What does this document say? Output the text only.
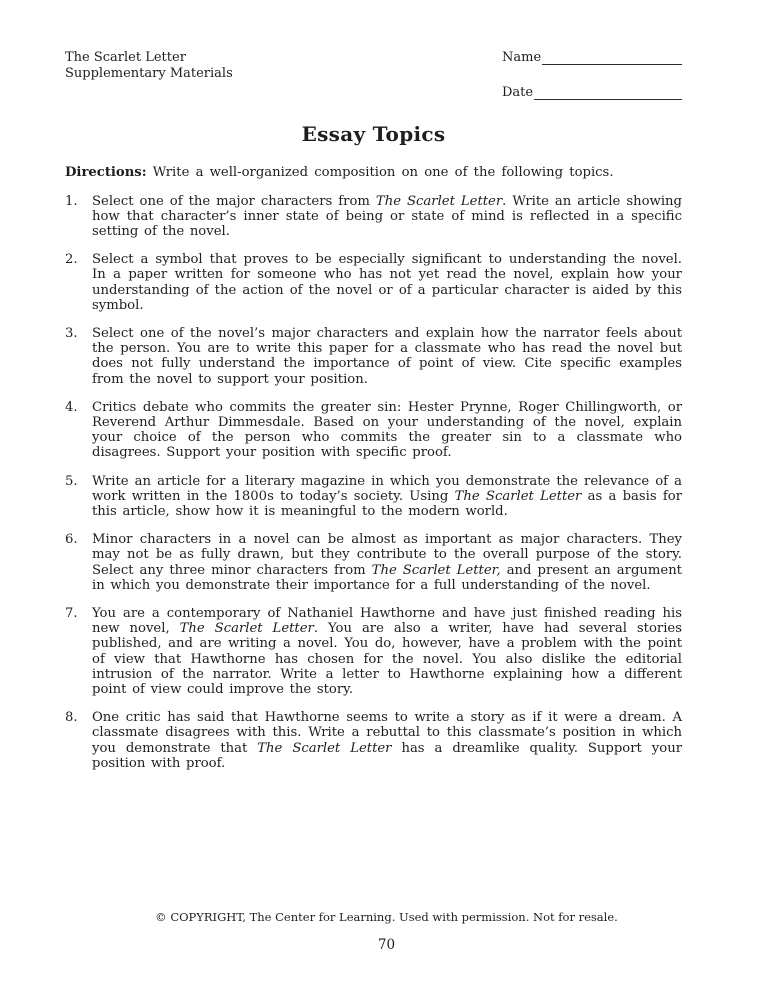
The Scarlet Letter
Supplementary Materials
Name
Date
Essay Topics
Directions: Write a well-organized composition on one of the following topics.
1.	Select one of the major characters from The Scarlet Letter. Write an article showing how that character’s inner state of being or state of mind is reflected in a specific setting of the novel.

2.	Select a symbol that proves to be especially significant to understanding the novel. In a paper written for someone who has not yet read the novel, explain how your understanding of the action of the novel or of a particular character is aided by this symbol.

3.	Select one of the novel’s major characters and explain how the narrator feels about the person. You are to write this paper for a classmate who has read the novel but does not fully understand the importance of point of view. Cite specific examples from the novel to support your position.

4.	Critics debate who commits the greater sin: Hester Prynne, Roger Chillingworth, or Reverend Arthur Dimmesdale. Based on your understanding of the novel, explain your choice of the person who commits the greater sin to a classmate who disagrees. Support your position with specific proof.

5.	Write an article for a literary magazine in which you demonstrate the relevance of a work written in the 1800s to today’s society. Using The Scarlet Letter as a basis for this article, show how it is meaningful to the modern world.

6.	Minor characters in a novel can be almost as important as major characters. They may not be as fully drawn, but they contribute to the overall purpose of the story. Select any three minor characters from The Scarlet Letter, and present an argument in which you demonstrate their importance for a full understanding of the novel.

7.	You are a contemporary of Nathaniel Hawthorne and have just finished reading his new novel, The Scarlet Letter. You are also a writer, have had several stories published, and are writing a novel. You do, however, have a problem with the point of view that Hawthorne has chosen for the novel. You also dislike the editorial intrusion of the narrator. Write a letter to Hawthorne explaining how a different point of view could improve the story.

8.	One critic has said that Hawthorne seems to write a story as if it were a dream. A classmate disagrees with this. Write a rebuttal to this classmate’s position in which you demonstrate that The Scarlet Letter has a dreamlike quality. Support your position with proof.

© COPYRIGHT, The Center for Learning. Used with permission. Not for resale.
70
